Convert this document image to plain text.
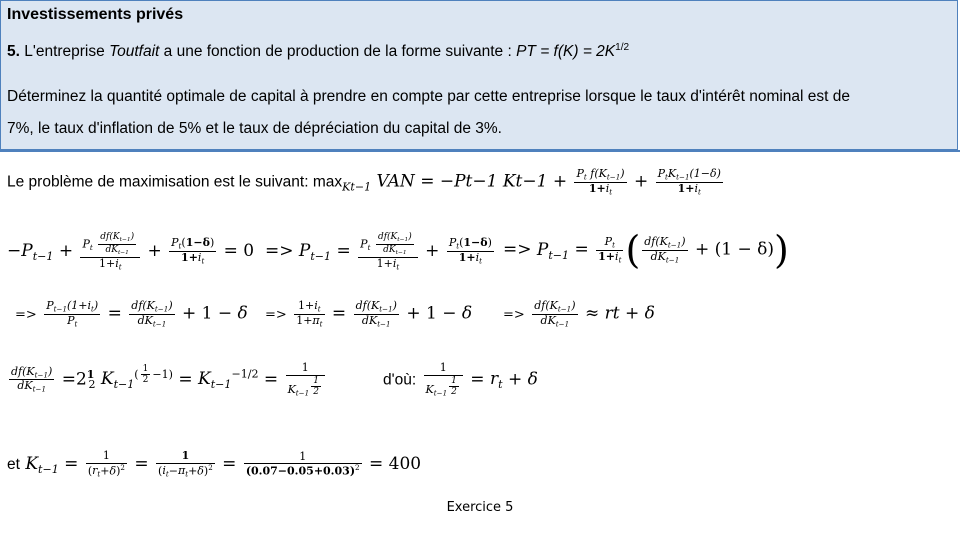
Investissements privés
5. L'entreprise Toutfait a une fonction de production de la forme suivante : PT = $f(K) = 2K^{1/2}$
Déterminez la quantité optimale de capital à prendre en compte par cette entreprise lorsque le taux d'intérêt nominal est de
7%, le taux d'inflation de 5% et le taux de dépréciation du capital de 3%.
Le problème de maximisation est le suivant: $\max_{Kt-1}$ VAN = −Pt−1 $Kt-1 + \frac{P_t f(K_{t-1})}{1+i_t} + \frac{P_tK_{t-1}(1-\delta)}{1+i_t}$
$-P_{t-1} + \frac{P_t \frac{df(K_{t-1})}{dK_{t-1}}}{1+i_t} + \frac{P_t(1-\delta)}{1+i_t} = 0 => P_{t-1} = \frac{P_t \frac{df(K_{t-1})}{dK_{t-1}}}{1+i_t} + \frac{P_t(1-\delta)}{1+i_t} => P_{t-1} = \frac{P_t}{1+i_t}$ ( $\frac{df(K_{t-1})}{dK_{t-1}} + (1 - \delta)$)
=> $\frac{P_{t-1}(1+i_t)}{P_t} = \frac{df(K_{t-1})}{dK_{t-1}} + 1 - \delta => \frac{1+i_t}{1+\pi_t} = \frac{df(K_{t-1})}{dK_{t-1}} + 1 - \delta => \frac{df(K_{t-1})}{dK_{t-1}}$ ≈ rt + δ
$\frac{df(K_{t-1})}{dK_{t-1}} =212$ $K_{t-1}^{( \frac{1}{2} -1)} = K_{t-1}^{-1/2} = 1$
$K_{t-1}$ $^{\frac{1}{2}}$	d'où: 1
$K_{t-1}$ $^{\frac{1}{2}} = r_t + \delta$
et $K_{t-1} = \frac{1}{(r_t+\delta)^2} = \frac{1}{(i_t-\pi_t+\delta)^2} = \frac{1}{(0.07-0.05+0.03)^2} = 400$
Exercice 5
